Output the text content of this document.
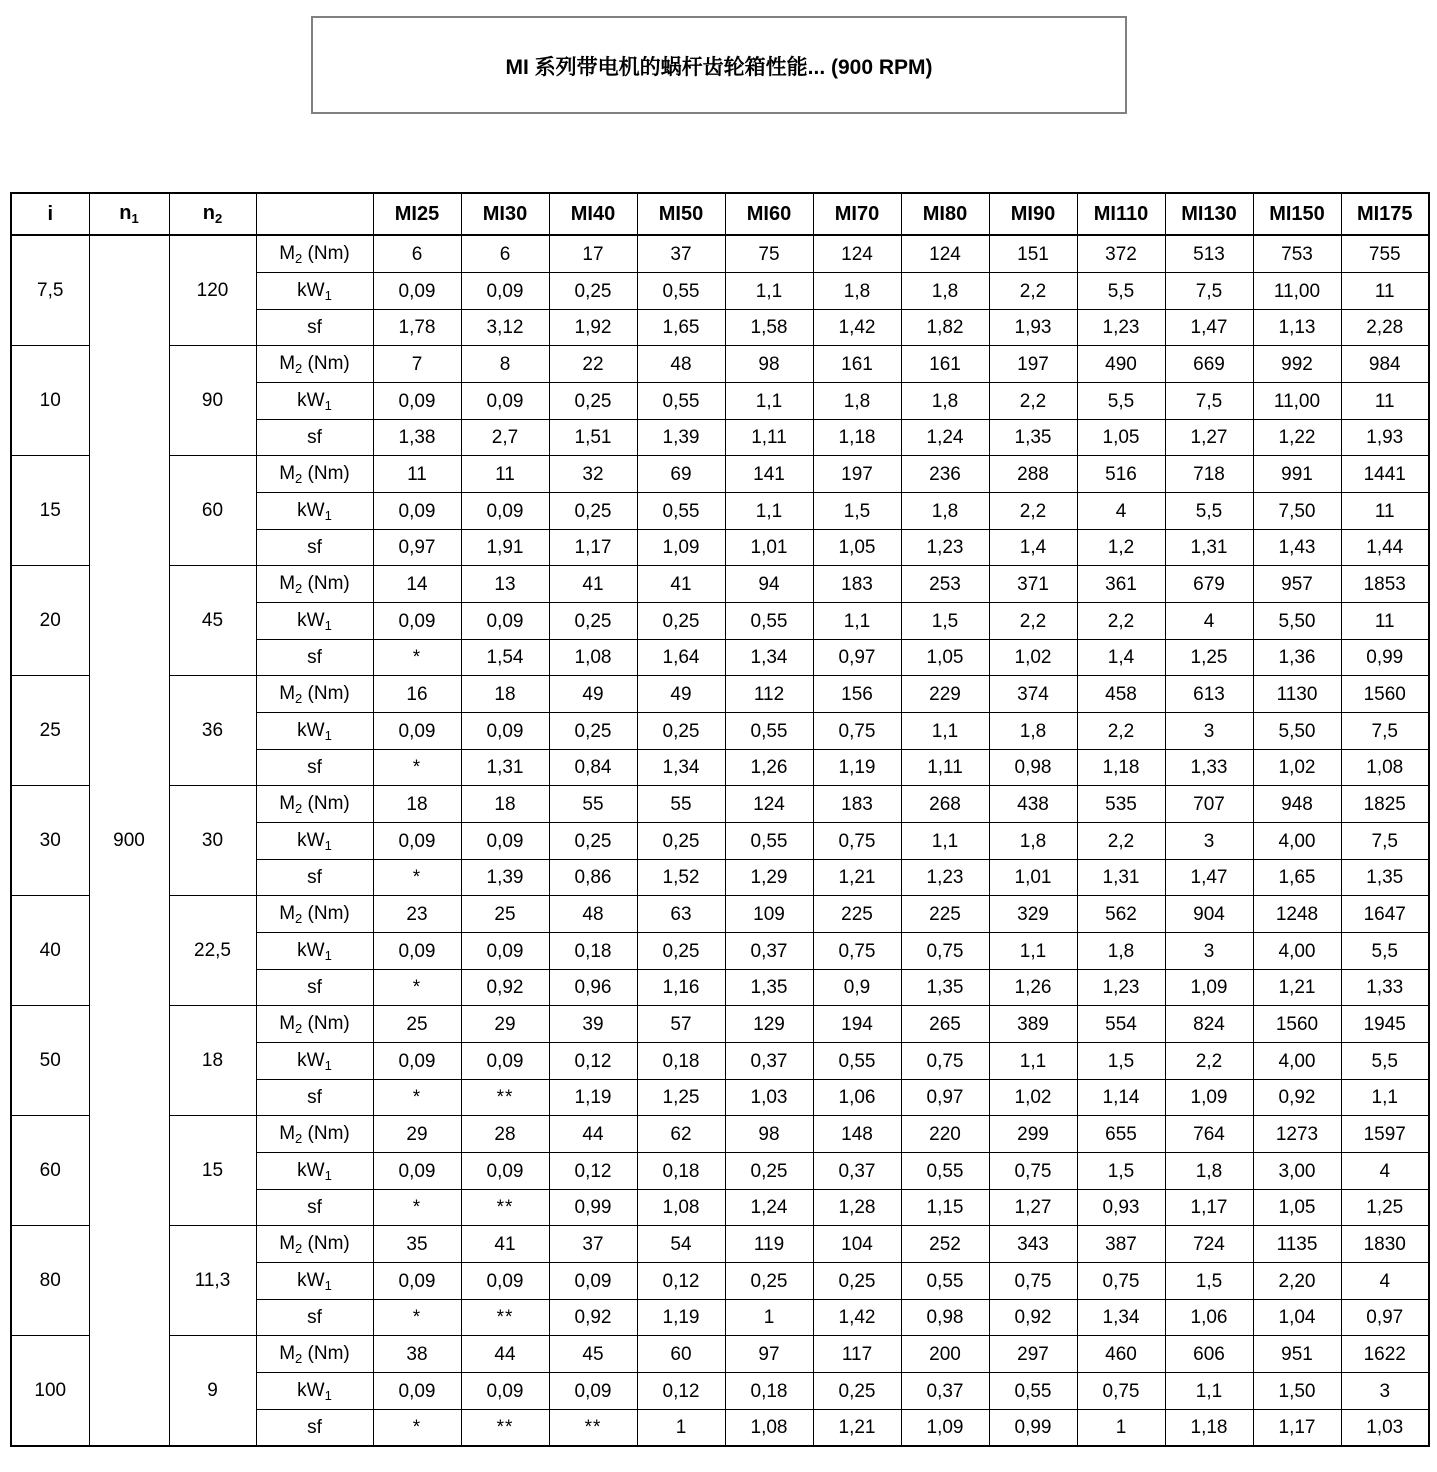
MI 系列带电机的蜗杆齿轮箱性能... (900 RPM)
i	$n_1$	$n_2$		MI25	MI30	MI40	MI50	MI60	MI70	MI80	MI90	MI110	MI130	MI150	MI175
7,5	900	120	$M_2$ (Nm)	6	6	17	37	75	124	124	151	372	513	753	755
			$kW_1$	0,09	0,09	0,25	0,55	1,1	1,8	1,8	2,2	5,5	7,5	11,00	11
			sf	1,78	3,12	1,92	1,65	1,58	1,42	1,82	1,93	1,23	1,47	1,13	2,28
10		90	$M_2$ (Nm)	7	8	22	48	98	161	161	197	490	669	992	984
			$kW_1$	0,09	0,09	0,25	0,55	1,1	1,8	1,8	2,2	5,5	7,5	11,00	11
			sf	1,38	2,7	1,51	1,39	1,11	1,18	1,24	1,35	1,05	1,27	1,22	1,93
15		60	$M_2$ (Nm)	11	11	32	69	141	197	236	288	516	718	991	1441
			$kW_1$	0,09	0,09	0,25	0,55	1,1	1,5	1,8	2,2	4	5,5	7,50	11
			sf	0,97	1,91	1,17	1,09	1,01	1,05	1,23	1,4	1,2	1,31	1,43	1,44
20		45	$M_2$ (Nm)	14	13	41	41	94	183	253	371	361	679	957	1853
			$kW_1$	0,09	0,09	0,25	0,25	0,55	1,1	1,5	2,2	2,2	4	5,50	11
			sf	*	1,54	1,08	1,64	1,34	0,97	1,05	1,02	1,4	1,25	1,36	0,99
25		36	$M_2$ (Nm)	16	18	49	49	112	156	229	374	458	613	1130	1560
			$kW_1$	0,09	0,09	0,25	0,25	0,55	0,75	1,1	1,8	2,2	3	5,50	7,5
			sf	*	1,31	0,84	1,34	1,26	1,19	1,11	0,98	1,18	1,33	1,02	1,08
30		30	$M_2$ (Nm)	18	18	55	55	124	183	268	438	535	707	948	1825
			$kW_1$	0,09	0,09	0,25	0,25	0,55	0,75	1,1	1,8	2,2	3	4,00	7,5
			sf	*	1,39	0,86	1,52	1,29	1,21	1,23	1,01	1,31	1,47	1,65	1,35
40		22,5	$M_2$ (Nm)	23	25	48	63	109	225	225	329	562	904	1248	1647
			$kW_1$	0,09	0,09	0,18	0,25	0,37	0,75	0,75	1,1	1,8	3	4,00	5,5
			sf	*	0,92	0,96	1,16	1,35	0,9	1,35	1,26	1,23	1,09	1,21	1,33
50		18	$M_2$ (Nm)	25	29	39	57	129	194	265	389	554	824	1560	1945
			$kW_1$	0,09	0,09	0,12	0,18	0,37	0,55	0,75	1,1	1,5	2,2	4,00	5,5
			sf	*	**	1,19	1,25	1,03	1,06	0,97	1,02	1,14	1,09	0,92	1,1
60		15	$M_2$ (Nm)	29	28	44	62	98	148	220	299	655	764	1273	1597
			$kW_1$	0,09	0,09	0,12	0,18	0,25	0,37	0,55	0,75	1,5	1,8	3,00	4
			sf	*	**	0,99	1,08	1,24	1,28	1,15	1,27	0,93	1,17	1,05	1,25
80		11,3	$M_2$ (Nm)	35	41	37	54	119	104	252	343	387	724	1135	1830
			$kW_1$	0,09	0,09	0,09	0,12	0,25	0,25	0,55	0,75	0,75	1,5	2,20	4
			sf	*	**	0,92	1,19	1	1,42	0,98	0,92	1,34	1,06	1,04	0,97
100		9	$M_2$ (Nm)	38	44	45	60	97	117	200	297	460	606	951	1622
			$kW_1$	0,09	0,09	0,09	0,12	0,18	0,25	0,37	0,55	0,75	1,1	1,50	3
			sf	*	**	**	1	1,08	1,21	1,09	0,99	1	1,18	1,17	1,03
